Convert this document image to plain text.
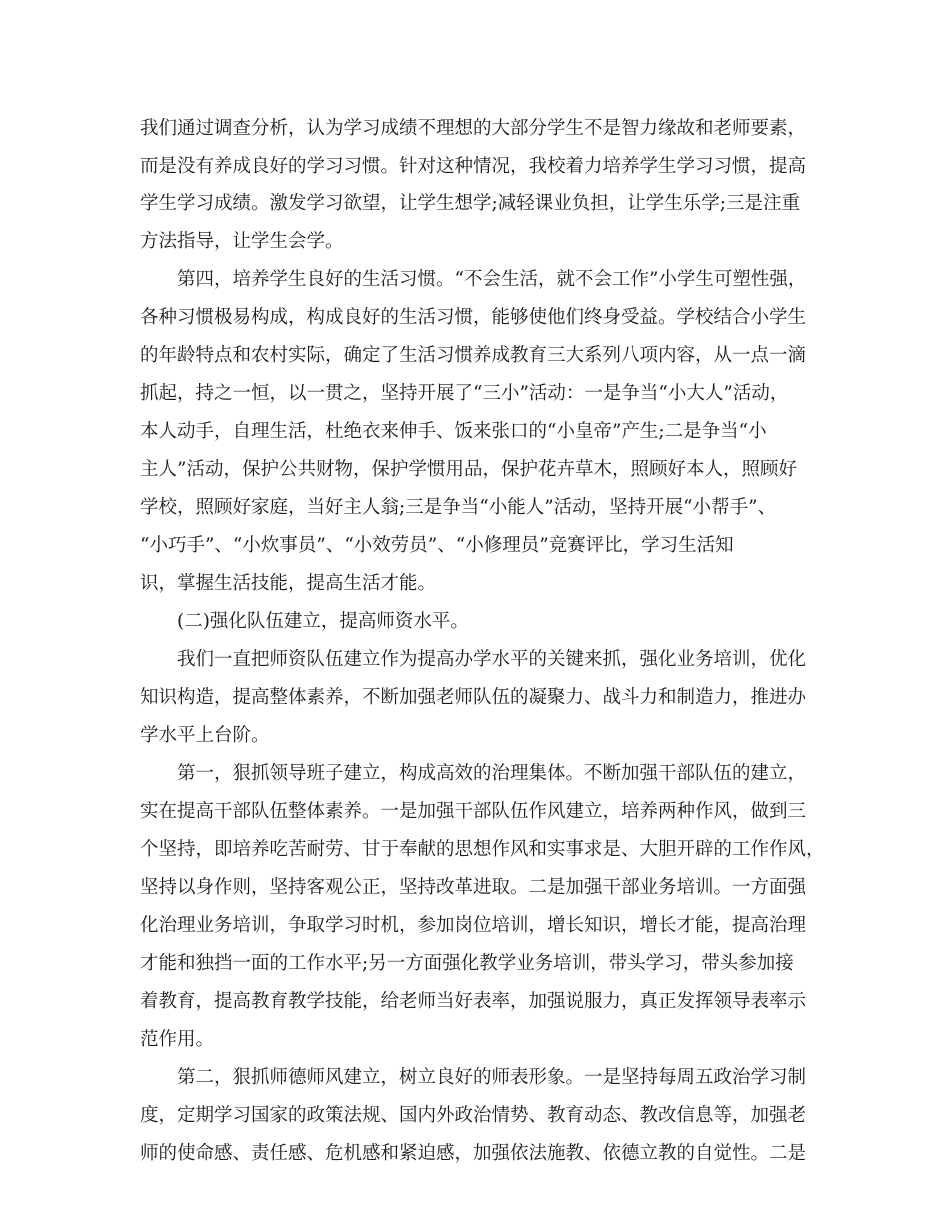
我们通过调查分析，认为学习成绩不理想的大部分学生不是智力缘故和老师要素，

而是没有养成良好的学习习惯。针对这种情况，我校着力培养学生学习习惯，提高

学生学习成绩。激发学习欲望，让学生想学;减轻课业负担，让学生乐学;三是注重

方法指导，让学生会学。

第四，培养学生良好的生活习惯。“不会生活，就不会工作”小学生可塑性强，

各种习惯极易构成，构成良好的生活习惯，能够使他们终身受益。学校结合小学生

的年龄特点和农村实际，确定了生活习惯养成教育三大系列八项内容，从一点一滴

抓起，持之一恒，以一贯之，坚持开展了“三小”活动：一是争当“小大人”活动，

本人动手，自理生活，杜绝衣来伸手、饭来张口的“小皇帝”产生;二是争当“小

主人”活动，保护公共财物，保护学惯用品，保护花卉草木，照顾好本人，照顾好

学校，照顾好家庭，当好主人翁;三是争当“小能人”活动，坚持开展“小帮手”、

“小巧手”、“小炊事员”、“小效劳员”、“小修理员”竞赛评比，学习生活知

识，掌握生活技能，提高生活才能。

(二)强化队伍建立，提高师资水平。

我们一直把师资队伍建立作为提高办学水平的关键来抓，强化业务培训，优化

知识构造，提高整体素养，不断加强老师队伍的凝聚力、战斗力和制造力，推进办

学水平上台阶。

第一，狠抓领导班子建立，构成高效的治理集体。不断加强干部队伍的建立，

实在提高干部队伍整体素养。一是加强干部队伍作风建立，培养两种作风，做到三

个坚持，即培养吃苦耐劳、甘于奉献的思想作风和实事求是、大胆开辟的工作作风，

坚持以身作则，坚持客观公正，坚持改革进取。二是加强干部业务培训。一方面强

化治理业务培训，争取学习时机，参加岗位培训，增长知识，增长才能，提高治理

才能和独挡一面的工作水平;另一方面强化教学业务培训，带头学习，带头参加接

着教育，提高教育教学技能，给老师当好表率，加强说服力，真正发挥领导表率示

范作用。

第二，狠抓师德师风建立，树立良好的师表形象。一是坚持每周五政治学习制

度，定期学习国家的政策法规、国内外政治情势、教育动态、教改信息等，加强老

师的使命感、责任感、危机感和紧迫感，加强依法施教、依德立教的自觉性。二是
